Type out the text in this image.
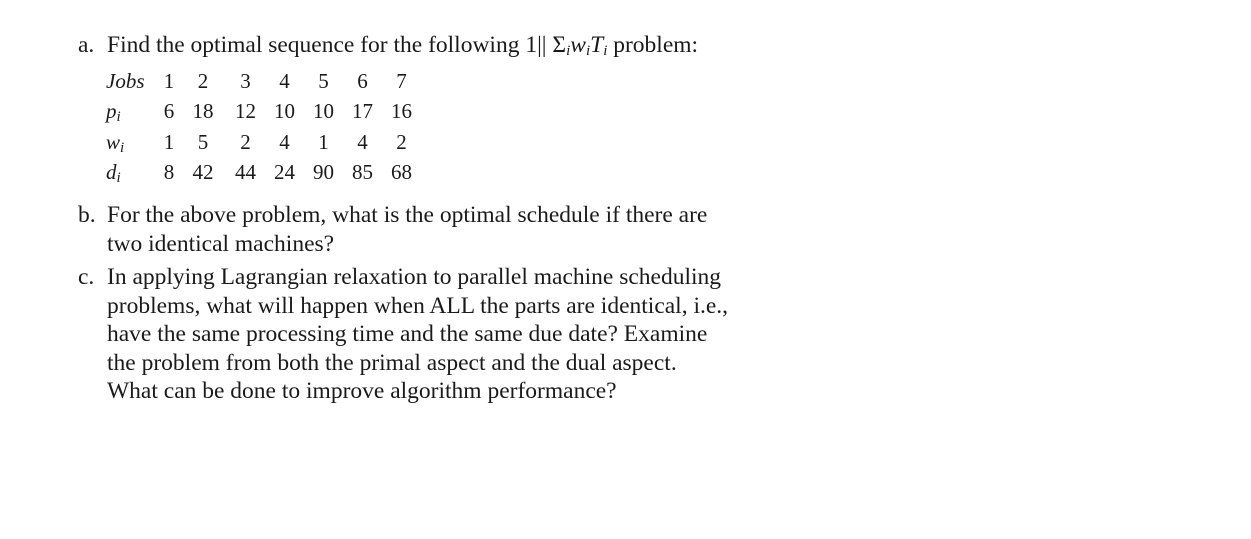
a. Find the optimal sequence for the following 1|| $\Sigma_iw_iT_i$ problem:
Jobs	1	2	3	4	5	6	7
$p_i$	6	18	12	10	10	17	16
$w_i$	1	5	2	4	1	4	2
$d_i$	8	42	44	24	90	85	68
b. For the above problem, what is the optimal schedule if there are two identical machines?
c. In applying Lagrangian relaxation to parallel machine scheduling problems, what will happen when ALL the parts are identical, i.e., have the same processing time and the same due date? Examine the problem from both the primal aspect and the dual aspect. What can be done to improve algorithm performance?
